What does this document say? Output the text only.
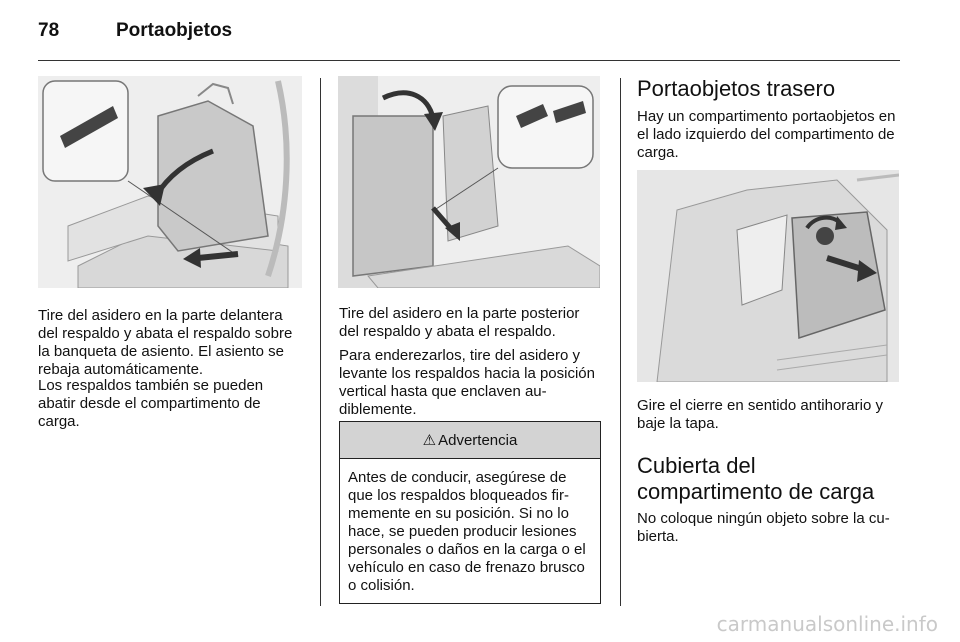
78	Portaobjetos

Tire del asidero en la parte delantera del respaldo y abata el respaldo sobre la banqueta de asiento. El asiento se rebaja automáticamente.

Los respaldos también se pueden abatir desde el compartimento de carga.

Tire del asidero en la parte posterior del respaldo y abata el respaldo.

Para enderezarlos, tire del asidero y levante los respaldos hacia la posición vertical hasta que enclaven audiblemente.

⚠ Advertencia
Antes de conducir, asegúrese de que los respaldos bloqueados firmemente en su posición. Si no lo hace, se pueden producir lesiones personales o daños en la carga o el vehículo en caso de frenazo brusco o colisión.
Portaobjetos trasero

Hay un compartimento portaobjetos en el lado izquierdo del compartimento de carga.

Gire el cierre en sentido antihorario y baje la tapa.

Cubierta del compartimento de carga

No coloque ningún objeto sobre la cubierta.

carmanualsonline.info
